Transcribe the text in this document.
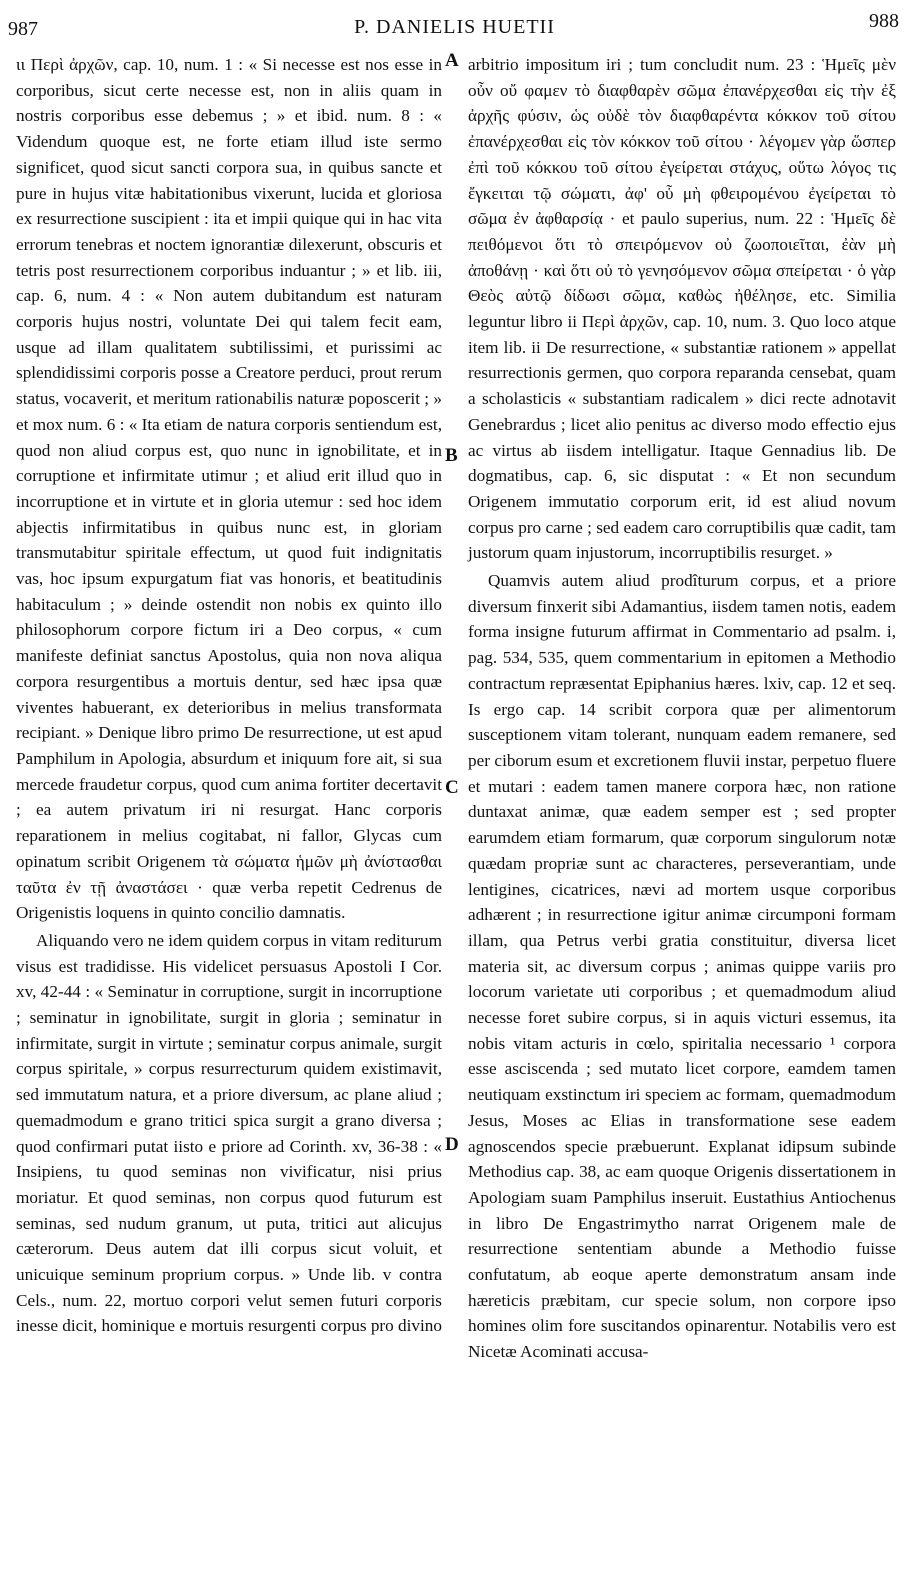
987	P. DANIELIS HUETII	988

ιι Περὶ ἀρχῶν, cap. 10, num. 1 : « Si necesse est nos esse in corporibus, sicut certe necesse est, non in aliis quam in nostris corporibus esse debemus ; » et ibid. num. 8 : « Videndum quoque est, ne forte etiam illud iste sermo significet, quod sicut sancti corpora sua, in quibus sancte et pure in hujus vitæ habitationibus vixerunt, lucida et gloriosa ex resurrectione suscipient : ita et impii quique qui in hac vita errorum tenebras et noctem ignorantiæ dilexerunt, obscuris et tetris post resurrectionem corporibus induantur ; » et lib. iii, cap. 6, num. 4 : « Non autem dubitandum est naturam corporis hujus nostri, voluntate Dei qui talem fecit eam, usque ad illam qualitatem subtilissimi, et purissimi ac splendidissimi corporis posse a Creatore perduci, prout rerum status, vocaverit, et meritum rationabilis naturæ poposcerit ; » et mox num. 6 : « Ita etiam de natura corporis sentiendum est, quod non aliud corpus est, quo nunc in ignobilitate, et in corruptione et infirmitate utimur ; et aliud erit illud quo in incorruptione et in virtute et in gloria utemur : sed hoc idem abjectis infirmitatibus in quibus nunc est, in gloriam transmutabitur spiritale effectum, ut quod fuit indignitatis vas, hoc ipsum expurgatum fiat vas honoris, et beatitudinis habitaculum ; » deinde ostendit non nobis ex quinto illo philosophorum corpore fictum iri a Deo corpus, « cum manifeste definiat sanctus Apostolus, quia non nova aliqua corpora resurgentibus a mortuis dentur, sed hæc ipsa quæ viventes habuerant, ex deterioribus in melius transformata recipiant. » Denique libro primo De resurrectione, ut est apud Pamphilum in Apologia, absurdum et iniquum fore ait, si sua mercede fraudetur corpus, quod cum anima fortiter decertavit ; ea autem privatum iri ni resurgat. Hanc corporis reparationem in melius cogitabat, ni fallor, Glycas cum opinatum scribit Origenem τὰ σώματα ἡμῶν μὴ ἀνίστασθαι ταῦτα ἐν τῇ ἀναστάσει · quæ verba repetit Cedrenus de Origenistis loquens in quinto concilio damnatis.

Aliquando vero ne idem quidem corpus in vitam rediturum visus est tradidisse. His videlicet persuasus Apostoli I Cor. xv, 42-44 : « Seminatur in corruptione, surgit in incorruptione ; seminatur in ignobilitate, surgit in gloria ; seminatur in infirmitate, surgit in virtute ; seminatur corpus animale, surgit corpus spiritale, » corpus resurrecturum quidem existimavit, sed immutatum natura, et a priore diversum, ac plane aliud ; quemadmodum e grano tritici spica surgit a grano diversa ; quod confirmari putat iisto e priore ad Corinth. xv, 36-38 : « Insipiens, tu quod seminas non vivificatur, nisi prius moriatur. Et quod seminas, non corpus quod futurum est seminas, sed nudum granum, ut puta, tritici aut alicujus cæterorum. Deus autem dat illi corpus sicut voluit, et unicuique seminum proprium corpus. » Unde lib. v contra Cels., num. 22, mortuo corpori velut semen futuri corporis inesse dicit, hominique e mortuis resurgenti corpus pro divino

arbitrio impositum iri ; tum concludit num. 23 : Ἡμεῖς μὲν οὖν οὔ φαμεν τὸ διαφθαρὲν σῶμα ἐπανέρχεσθαι εἰς τὴν ἐξ ἀρχῆς φύσιν, ὡς οὐδὲ τὸν διαφθαρέντα κόκκον τοῦ σίτου ἐπανέρχεσθαι εἰς τὸν κόκκον τοῦ σίτου · λέγομεν γὰρ ὥσπερ ἐπὶ τοῦ κόκκου τοῦ σίτου ἐγείρεται στάχυς, οὕτω λόγος τις ἔγκειται τῷ σώματι, ἀφ' οὗ μὴ φθειρομένου ἐγείρεται τὸ σῶμα ἐν ἀφθαρσίᾳ · et paulo superius, num. 22 : Ἡμεῖς δὲ πειθόμενοι ὅτι τὸ σπειρόμενον οὐ ζωοποιεῖται, ἐὰν μὴ ἀποθάνῃ · καὶ ὅτι οὐ τὸ γενησόμενον σῶμα σπείρεται · ὁ γὰρ Θεὸς αὐτῷ δίδωσι σῶμα, καθὼς ἠθέλησε, etc. Similia leguntur libro ii Περὶ ἀρχῶν, cap. 10, num. 3. Quo loco atque item lib. ii De resurrectione, « substantiæ rationem » appellat resurrectionis germen, quo corpora reparanda censebat, quam a scholasticis « substantiam radicalem » dici recte adnotavit Genebrardus ; licet alio penitus ac diverso modo effectio ejus ac virtus ab iisdem intelligatur. Itaque Gennadius lib. De dogmatibus, cap. 6, sic disputat : « Et non secundum Origenem immutatio corporum erit, id est aliud novum corpus pro carne ; sed eadem caro corruptibilis quæ cadit, tam justorum quam injustorum, incorruptibilis resurget. »

Quamvis autem aliud prodîturum corpus, et a priore diversum finxerit sibi Adamantius, iisdem tamen notis, eadem forma insigne futurum affirmat in Commentario ad psalm. i, pag. 534, 535, quem commentarium in epitomen a Methodio contractum repræsentat Epiphanius hæres. lxiv, cap. 12 et seq. Is ergo cap. 14 scribit corpora quæ per alimentorum susceptionem vitam tolerant, nunquam eadem remanere, sed per ciborum esum et excretionem fluvii instar, perpetuo fluere et mutari : eadem tamen manere corpora hæc, non ratione duntaxat animæ, quæ eadem semper est ; sed propter earumdem etiam formarum, quæ corporum singulorum notæ quædam propriæ sunt ac characteres, perseverantiam, unde lentigines, cicatrices, nævi ad mortem usque corporibus adhærent ; in resurrectione igitur animæ circumponi formam illam, qua Petrus verbi gratia constituitur, diversa licet materia sit, ac diversum corpus ; animas quippe variis pro locorum varietate uti corporibus ; et quemadmodum aliud necesse foret subire corpus, si in aquis victuri essemus, ita nobis vitam acturis in cœlo, spiritalia necessario ¹ corpora esse asciscenda ; sed mutato licet corpore, eamdem tamen neutiquam exstinctum iri speciem ac formam, quemadmodum Jesus, Moses ac Elias in transformatione sese eadem agnoscendos specie præbuerunt. Explanat idipsum subinde Methodius cap. 38, ac eam quoque Origenis dissertationem in Apologiam suam Pamphilus inseruit. Eustathius Antiochenus in libro De Engastrimytho narrat Origenem male de resurrectione sententiam abunde a Methodio fuisse confutatum, ab eoque aperte demonstratum ansam inde hæreticis præbitam, cur specie solum, non corpore ipso homines olim fore suscitandos opinarentur. Notabilis vero est Nicetæ Acominati accusa-

A
B
C
D
